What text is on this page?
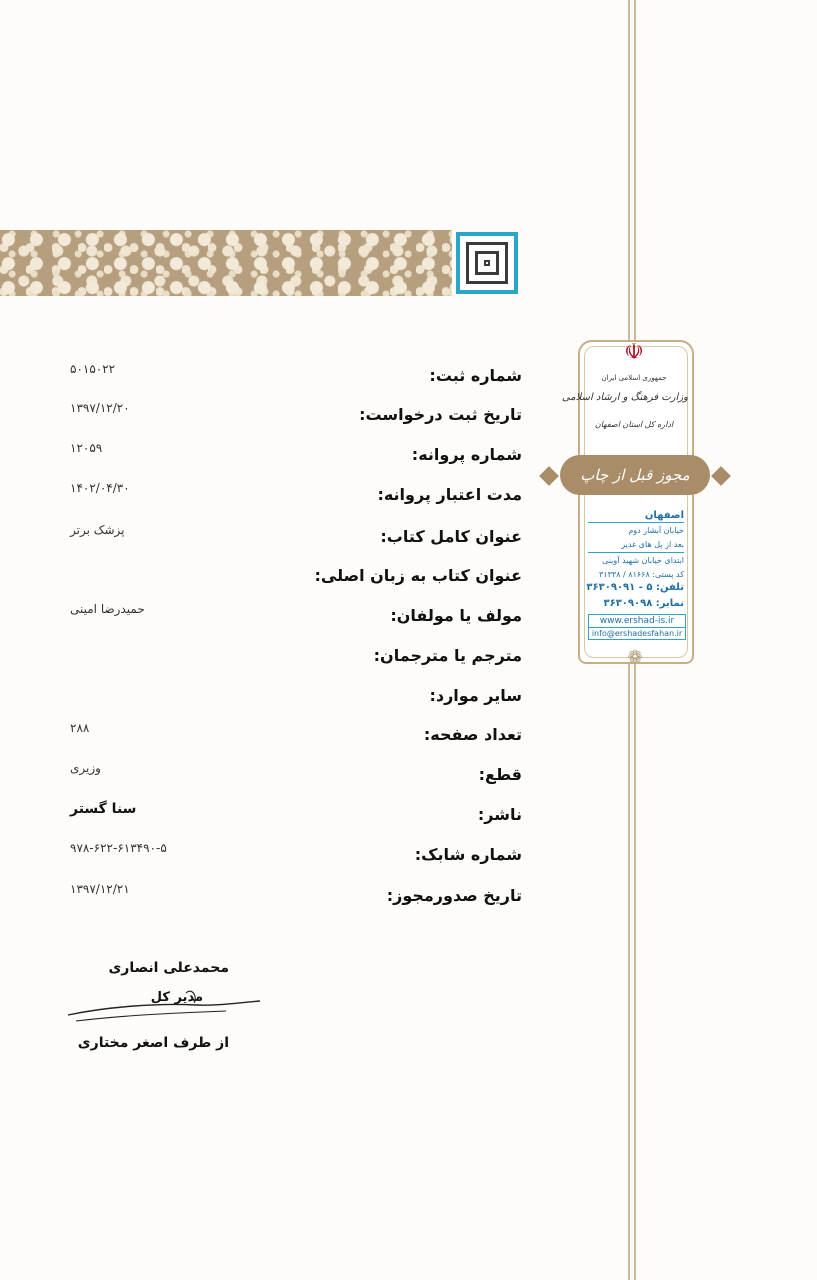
شماره ثبت:
۵۰۱۵۰۲۲
تاریخ ثبت درخواست:
۱۳۹۷/۱۲/۲۰
شماره پروانه:
۱۲۰۵۹
مدت اعتبار پروانه:
۱۴۰۲/۰۴/۳۰
عنوان کامل کتاب:
پزشک برتر
عنوان کتاب به زبان اصلی:
مولف یا مولفان:
حمیدرضا امینی
مترجم یا مترجمان:
سایر موارد:
تعداد صفحه:
۲۸۸
قطع:
وزیری
ناشر:
سنا گستر
شماره شابک:
۹۷۸-۶۲۲-۶۱۳۴۹۰-۵
تاریخ صدورمجوز:
۱۳۹۷/۱۲/۲۱
محمدعلی انصاری
مدیر کل
از طرف اصغر مختاری
☫
جمهوری اسلامی ایران
وزارت فرهنگ و ارشاد اسلامی
اداره کل استان اصفهان
مجوز قبل از چاپ
اصفهان
خیابان آبشار دوم
بعد از پل های غدیر
ابتدای خیابان شهید آوینی
کد پستی: ۸۱۶۶۸ / ۳۱۳۳۸
تلفن: ۵ - ۳۶۳۰۹۰۹۱
نمابر: ۳۶۳۰۹۰۹۸
www.ershad-is.ir
info@ershadesfahan.ir
❁
